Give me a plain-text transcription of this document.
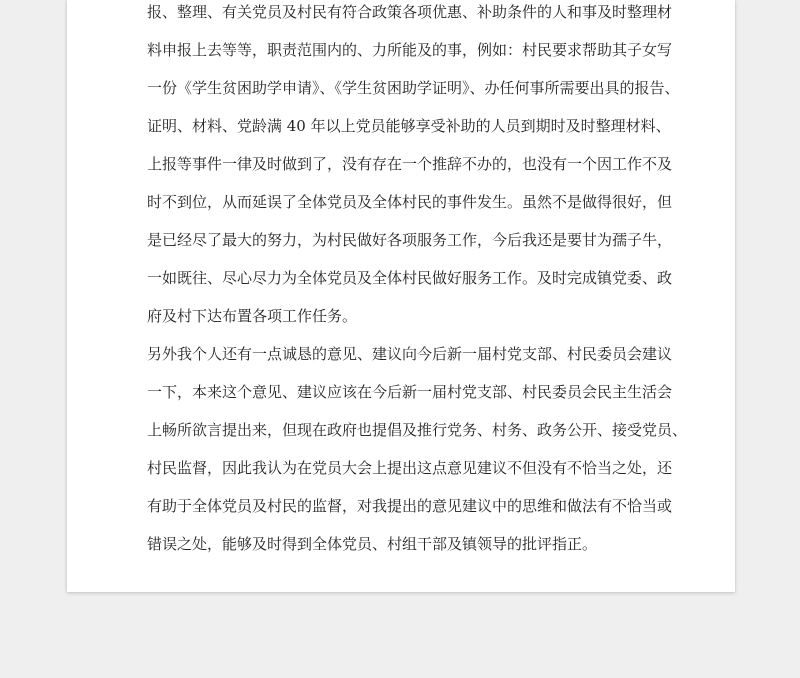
报、整理、有关党员及村民有符合政策各项优惠、补助条件的人和事及时整理材
料申报上去等等，职责范围内的、力所能及的事，例如：村民要求帮助其子女写
一份《学生贫困助学申请》、《学生贫困助学证明》、办任何事所需要出具的报告、
证明、材料、党龄满 40 年以上党员能够享受补助的人员到期时及时整理材料、
上报等事件一律及时做到了，没有存在一个推辞不办的，也没有一个因工作不及
时不到位，从而延误了全体党员及全体村民的事件发生。虽然不是做得很好，但
是已经尽了最大的努力，为村民做好各项服务工作，今后我还是要甘为孺子牛，
一如既往、尽心尽力为全体党员及全体村民做好服务工作。及时完成镇党委、政
府及村下达布置各项工作任务。
另外我个人还有一点诚恳的意见、建议向今后新一届村党支部、村民委员会建议
一下，本来这个意见、建议应该在今后新一届村党支部、村民委员会民主生活会
上畅所欲言提出来，但现在政府也提倡及推行党务、村务、政务公开、接受党员、
村民监督，因此我认为在党员大会上提出这点意见建议不但没有不恰当之处，还
有助于全体党员及村民的监督，对我提出的意见建议中的思维和做法有不恰当或
错误之处，能够及时得到全体党员、村组干部及镇领导的批评指正。
